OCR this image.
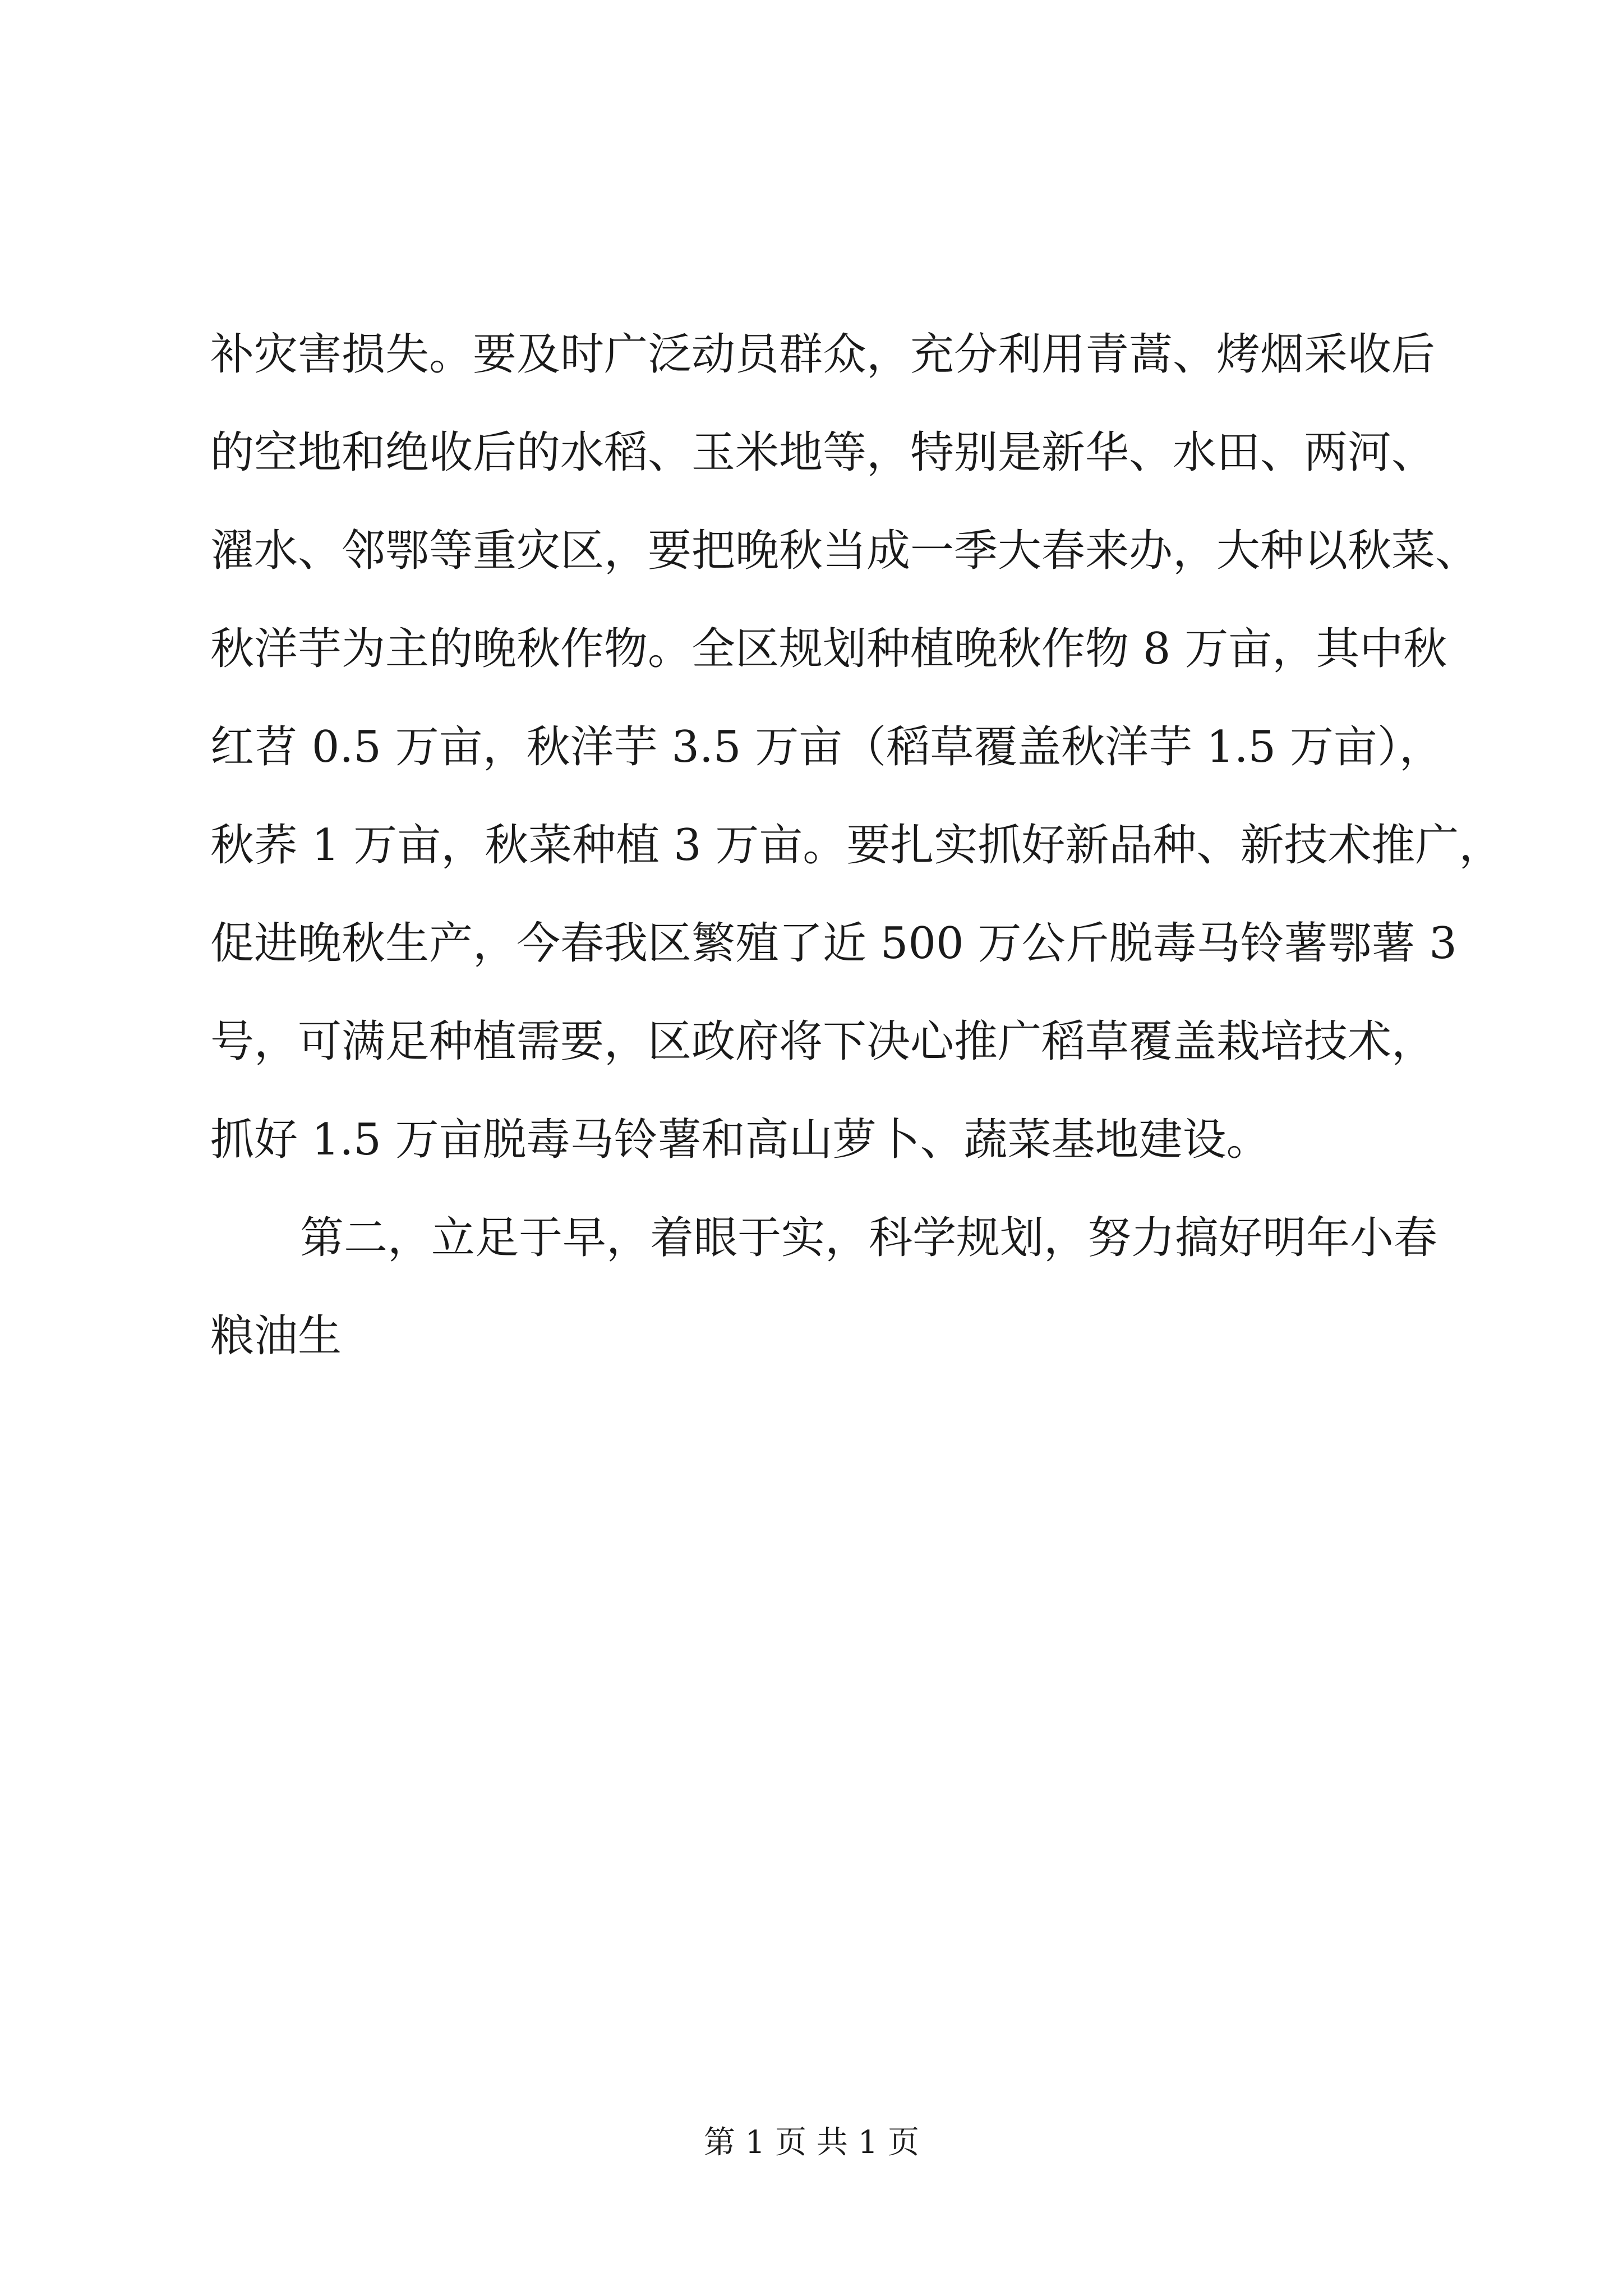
补灾害损失。要及时广泛动员群众，充分利用青蒿、烤烟采收后
的空地和绝收后的水稻、玉米地等，特别是新华、水田、两河、
濯水、邻鄂等重灾区，要把晚秋当成一季大春来办，大种以秋菜、
秋洋芋为主的晚秋作物。全区规划种植晚秋作物 8 万亩，其中秋
红苕 0.5 万亩，秋洋芋 3.5 万亩（稻草覆盖秋洋芋 1.5 万亩），
秋荞 1 万亩，秋菜种植 3 万亩。要扎实抓好新品种、新技术推广，
促进晚秋生产，今春我区繁殖了近 500 万公斤脱毒马铃薯鄂薯 3
号，可满足种植需要，区政府将下决心推广稻草覆盖栽培技术，
抓好 1.5 万亩脱毒马铃薯和高山萝卜、蔬菜基地建设。
第二，立足于早，着眼于实，科学规划，努力搞好明年小春
粮油生
第 1 页 共 1 页
